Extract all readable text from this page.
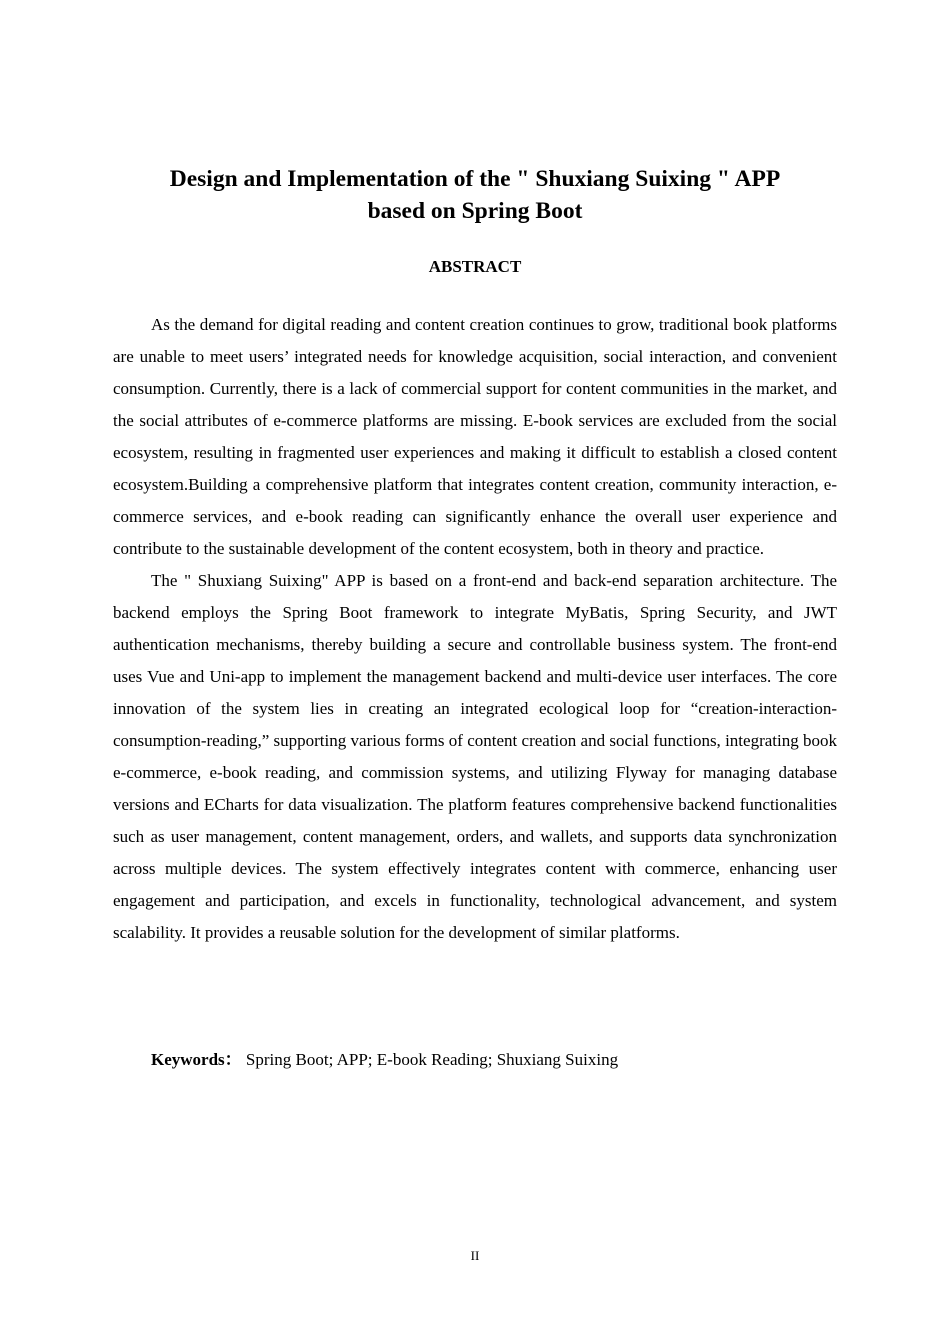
Design and Implementation of the " Shuxiang Suixing " APP
based on Spring Boot
ABSTRACT

As the demand for digital reading and content creation continues to grow, traditional book platforms are unable to meet users’ integrated needs for knowledge acquisition, social interaction, and convenient consumption. Currently, there is a lack of commercial support for content communities in the market, and the social attributes of e-commerce platforms are missing. E-book services are excluded from the social ecosystem, resulting in fragmented user experiences and making it difficult to establish a closed content ecosystem.Building a comprehensive platform that integrates content creation, community interaction, e-commerce services, and e-book reading can significantly enhance the overall user experience and contribute to the sustainable development of the content ecosystem, both in theory and practice.

The " Shuxiang Suixing" APP is based on a front-end and back-end separation architecture. The backend employs the Spring Boot framework to integrate MyBatis, Spring Security, and JWT authentication mechanisms, thereby building a secure and controllable business system. The front-end uses Vue and Uni-app to implement the management backend and multi-device user interfaces. The core innovation of the system lies in creating an integrated ecological loop for “creation-interaction-consumption-reading,” supporting various forms of content creation and social functions, integrating book e-commerce, e-book reading, and commission systems, and utilizing Flyway for managing database versions and ECharts for data visualization. The platform features comprehensive backend functionalities such as user management, content management, orders, and wallets, and supports data synchronization across multiple devices. The system effectively integrates content with commerce, enhancing user engagement and participation, and excels in functionality, technological advancement, and system scalability. It provides a reusable solution for the development of similar platforms.

Keywords： Spring Boot; APP; E-book Reading; Shuxiang Suixing
II
